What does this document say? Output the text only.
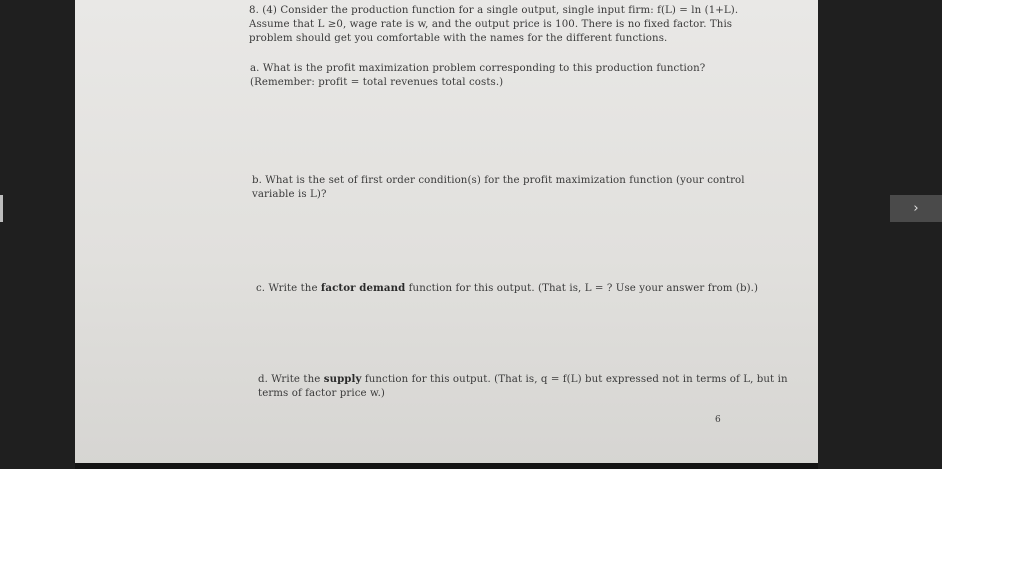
8. (4) Consider the production function for a single output, single input firm: f(L) = ln (1+L).
Assume that L ≥0, wage rate is w, and the output price is 100. There is no fixed factor. This
problem should get you comfortable with the names for the different functions.
a. What is the profit maximization problem corresponding to this production function?
(Remember: profit = total revenues total costs.)
b. What is the set of first order condition(s) for the profit maximization function (your control
variable is L)?
c. Write the factor demand function for this output. (That is, L = ? Use your answer from (b).)
d. Write the supply function for this output. (That is, q = f(L) but expressed not in terms of L, but in
terms of factor price w.)
6
›
